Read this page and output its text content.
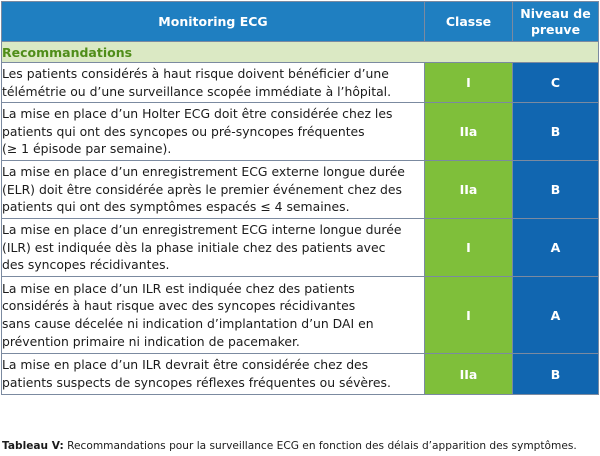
Monitoring ECG	Classe	Niveau de
preuve
Recommandations		
Les patients considérés à haut risque doivent bénéficier d’une
télémétrie ou d’une surveillance scopée immédiate à l’hôpital.	I	C
La mise en place d’un Holter ECG doit être considérée chez les
patients qui ont des syncopes ou pré-syncopes fréquentes
(≥ 1 épisode par semaine).	IIa	B
La mise en place d’un enregistrement ECG externe longue durée
(ELR) doit être considérée après le premier événement chez des
patients qui ont des symptômes espacés ≤ 4 semaines.	IIa	B
La mise en place d’un enregistrement ECG interne longue durée
(ILR) est indiquée dès la phase initiale chez des patients avec
des syncopes récidivantes.	I	A
La mise en place d’un ILR est indiquée chez des patients
considérés à haut risque avec des syncopes récidivantes
sans cause décelée ni indication d’implantation d’un DAI en
prévention primaire ni indication de pacemaker.	I	A
La mise en place d’un ILR devrait être considérée chez des
patients suspects de syncopes réflexes fréquentes ou sévères.	IIa	B
Tableau V: Recommandations pour la surveillance ECG en fonction des délais d’apparition des symptômes.
